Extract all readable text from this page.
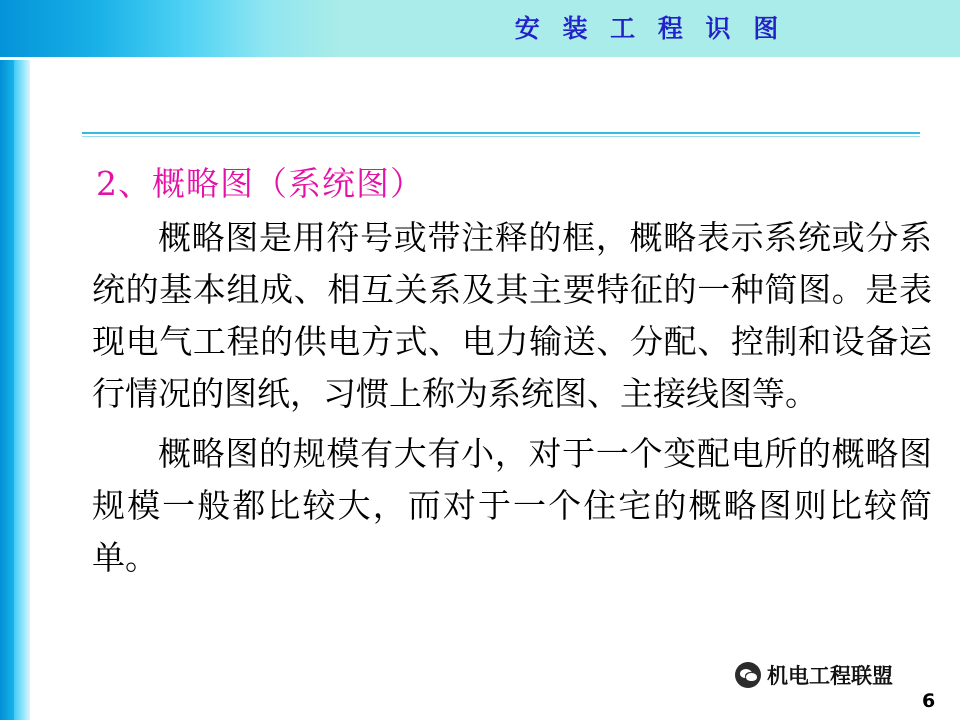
安 装 工 程 识 图
2、概略图（系统图）

概略图是用符号或带注释的框，概略表示系统或分系统的基本组成、相互关系及其主要特征的一种简图。是表现电气工程的供电方式、电力输送、分配、控制和设备运行情况的图纸，习惯上称为系统图、主接线图等。

概略图的规模有大有小，对于一个变配电所的概略图规模一般都比较大，而对于一个住宅的概略图则比较简单。

机电工程联盟
6
